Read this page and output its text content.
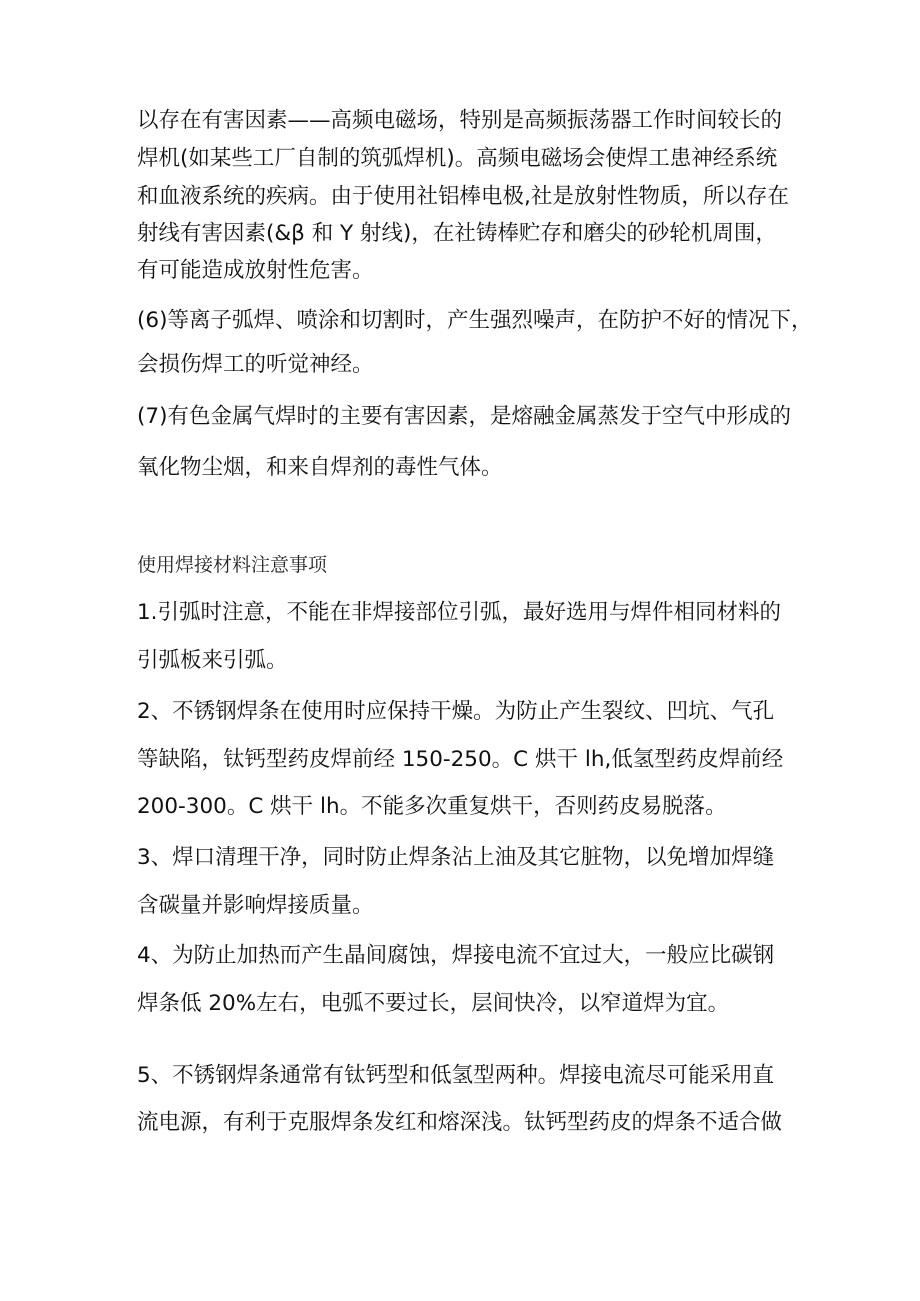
以存在有害因素——高频电磁场，特别是高频振荡器工作时间较长的

焊机(如某些工厂自制的筑弧焊机)。高频电磁场会使焊工患神经系统

和血液系统的疾病。由于使用社铝棒电极,社是放射性物质，所以存在

射线有害因素(&β 和 Y 射线)，在社铸棒贮存和磨尖的砂轮机周围，

有可能造成放射性危害。

(6)等离子弧焊、喷涂和切割时，产生强烈噪声，在防护不好的情况下，

会损伤焊工的听觉神经。

(7)有色金属气焊时的主要有害因素，是熔融金属蒸发于空气中形成的

氧化物尘烟，和来自焊剂的毒性气体。

使用焊接材料注意事项

1.引弧时注意，不能在非焊接部位引弧，最好选用与焊件相同材料的

引弧板来引弧。

2、不锈钢焊条在使用时应保持干燥。为防止产生裂纹、凹坑、气孔

等缺陷，钛钙型药皮焊前经 150-250。C 烘干 lh,低氢型药皮焊前经

200-300。C 烘干 lh。不能多次重复烘干，否则药皮易脱落。

3、焊口清理干净，同时防止焊条沾上油及其它脏物，以免增加焊缝

含碳量并影响焊接质量。

4、为防止加热而产生晶间腐蚀，焊接电流不宜过大，一般应比碳钢

焊条低 20%左右，电弧不要过长，层间快冷，以窄道焊为宜。

5、不锈钢焊条通常有钛钙型和低氢型两种。焊接电流尽可能采用直

流电源，有利于克服焊条发红和熔深浅。钛钙型药皮的焊条不适合做
